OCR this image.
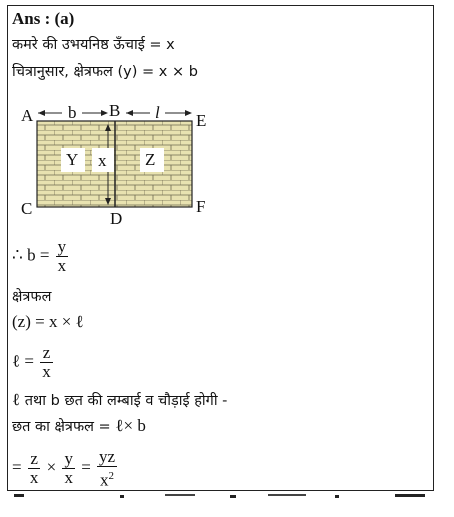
Ans : (a)
कमरे की उभयनिष्ठ ऊँचाई = x
चित्रानुसार, क्षेत्रफल (y) = x × b
A	B
E
C
D
F
b	l
Y x Z
∴ $b = \frac{y}{x}$
क्षेत्रफल
(z) = x × ℓ
ℓ = $\frac{z}{x}$
ℓ तथा b छत की लम्बाई व चौड़ाई होगी -
छत का क्षेत्रफल = ℓ× b
= $\frac{z}{x} \times \frac{y}{x} = \frac{yz}{x^2}$
